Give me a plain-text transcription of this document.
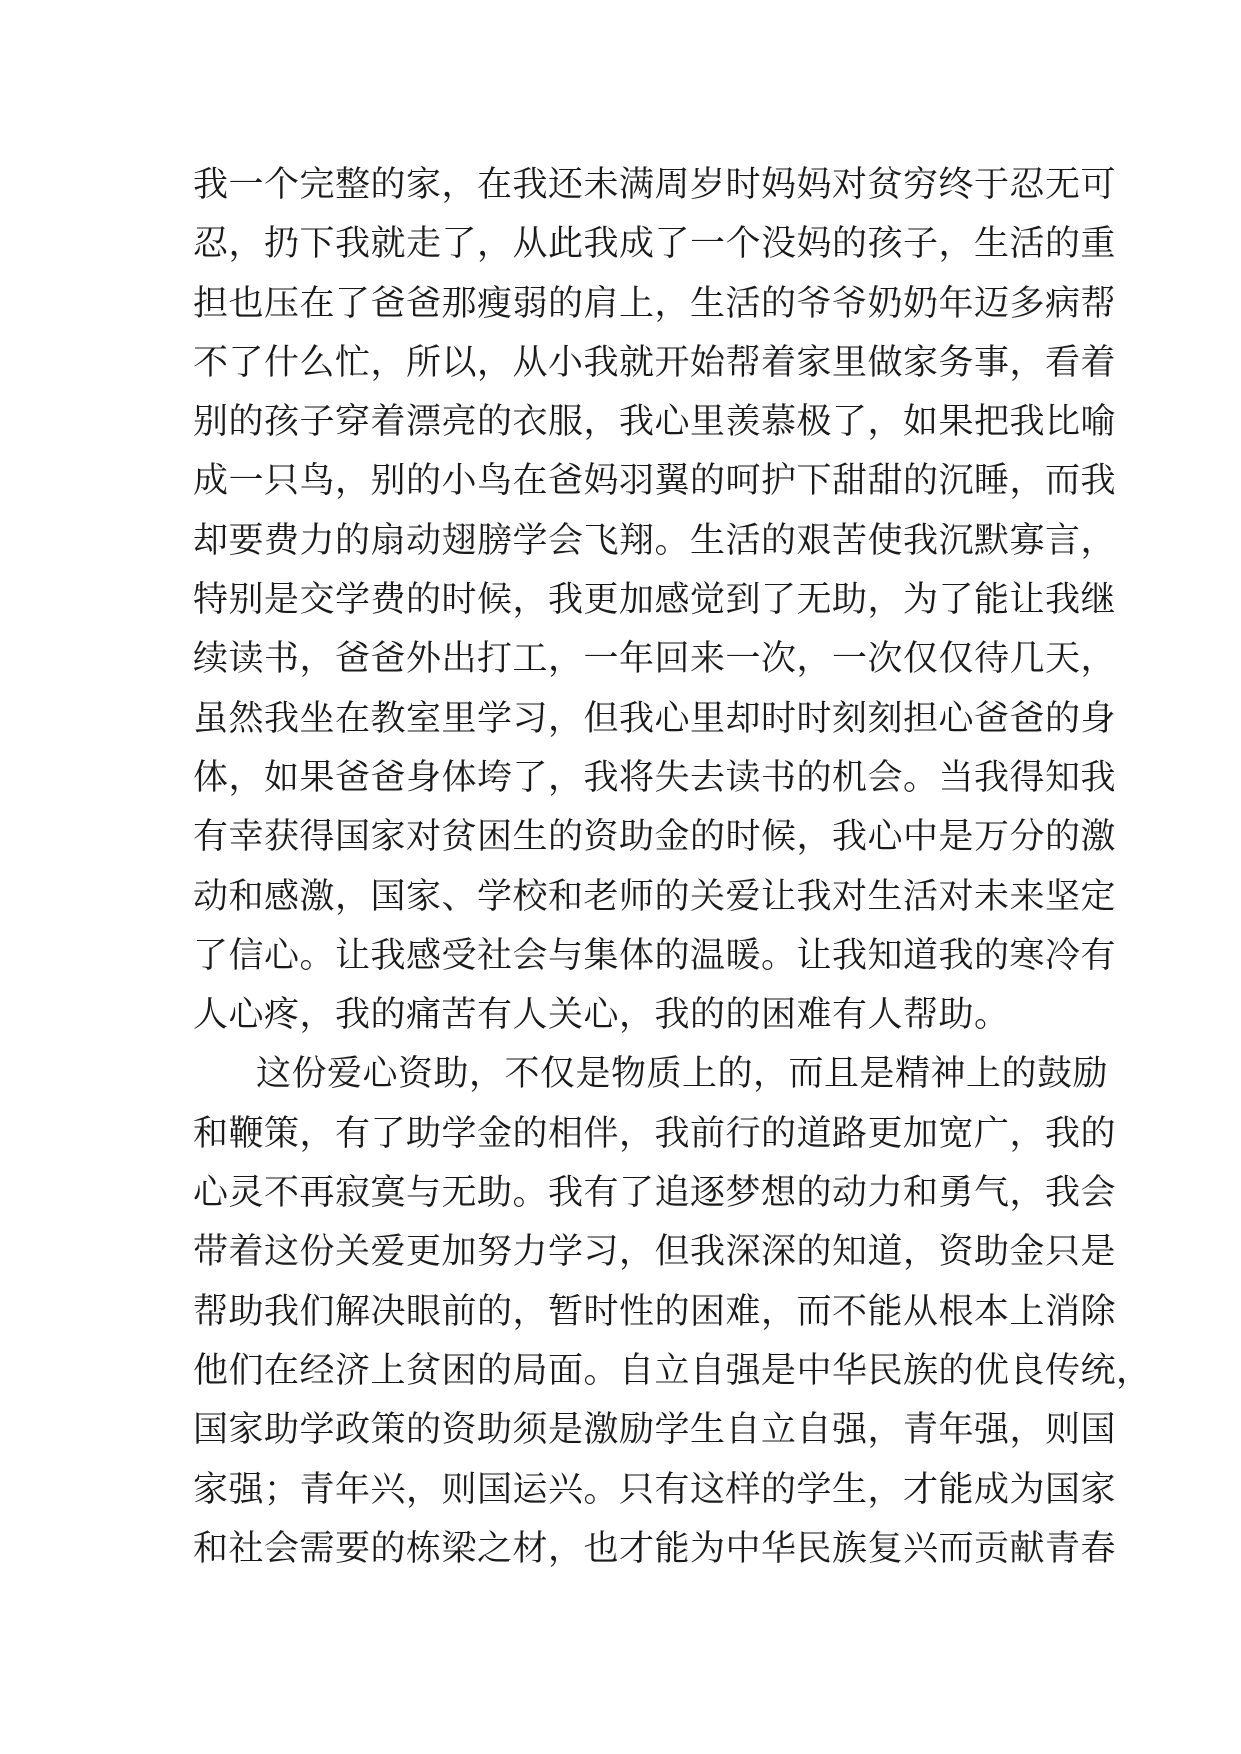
我一个完整的家，在我还未满周岁时妈妈对贫穷终于忍无可
忍，扔下我就走了，从此我成了一个没妈的孩子，生活的重
担也压在了爸爸那瘦弱的肩上，生活的爷爷奶奶年迈多病帮
不了什么忙，所以，从小我就开始帮着家里做家务事，看着
别的孩子穿着漂亮的衣服，我心里羡慕极了，如果把我比喻
成一只鸟，别的小鸟在爸妈羽翼的呵护下甜甜的沉睡，而我
却要费力的扇动翅膀学会飞翔。生活的艰苦使我沉默寡言，
特别是交学费的时候，我更加感觉到了无助，为了能让我继
续读书，爸爸外出打工，一年回来一次，一次仅仅待几天，
虽然我坐在教室里学习，但我心里却时时刻刻担心爸爸的身
体，如果爸爸身体垮了，我将失去读书的机会。当我得知我
有幸获得国家对贫困生的资助金的时候，我心中是万分的激
动和感激，国家、学校和老师的关爱让我对生活对未来坚定
了信心。让我感受社会与集体的温暖。让我知道我的寒冷有
人心疼，我的痛苦有人关心，我的的困难有人帮助。
这份爱心资助，不仅是物质上的，而且是精神上的鼓励
和鞭策，有了助学金的相伴，我前行的道路更加宽广，我的
心灵不再寂寞与无助。我有了追逐梦想的动力和勇气，我会
带着这份关爱更加努力学习，但我深深的知道，资助金只是
帮助我们解决眼前的，暂时性的困难，而不能从根本上消除
他们在经济上贫困的局面。自立自强是中华民族的优良传统，
国家助学政策的资助须是激励学生自立自强，青年强，则国
家强；青年兴，则国运兴。只有这样的学生，才能成为国家
和社会需要的栋梁之材，也才能为中华民族复兴而贡献青春
